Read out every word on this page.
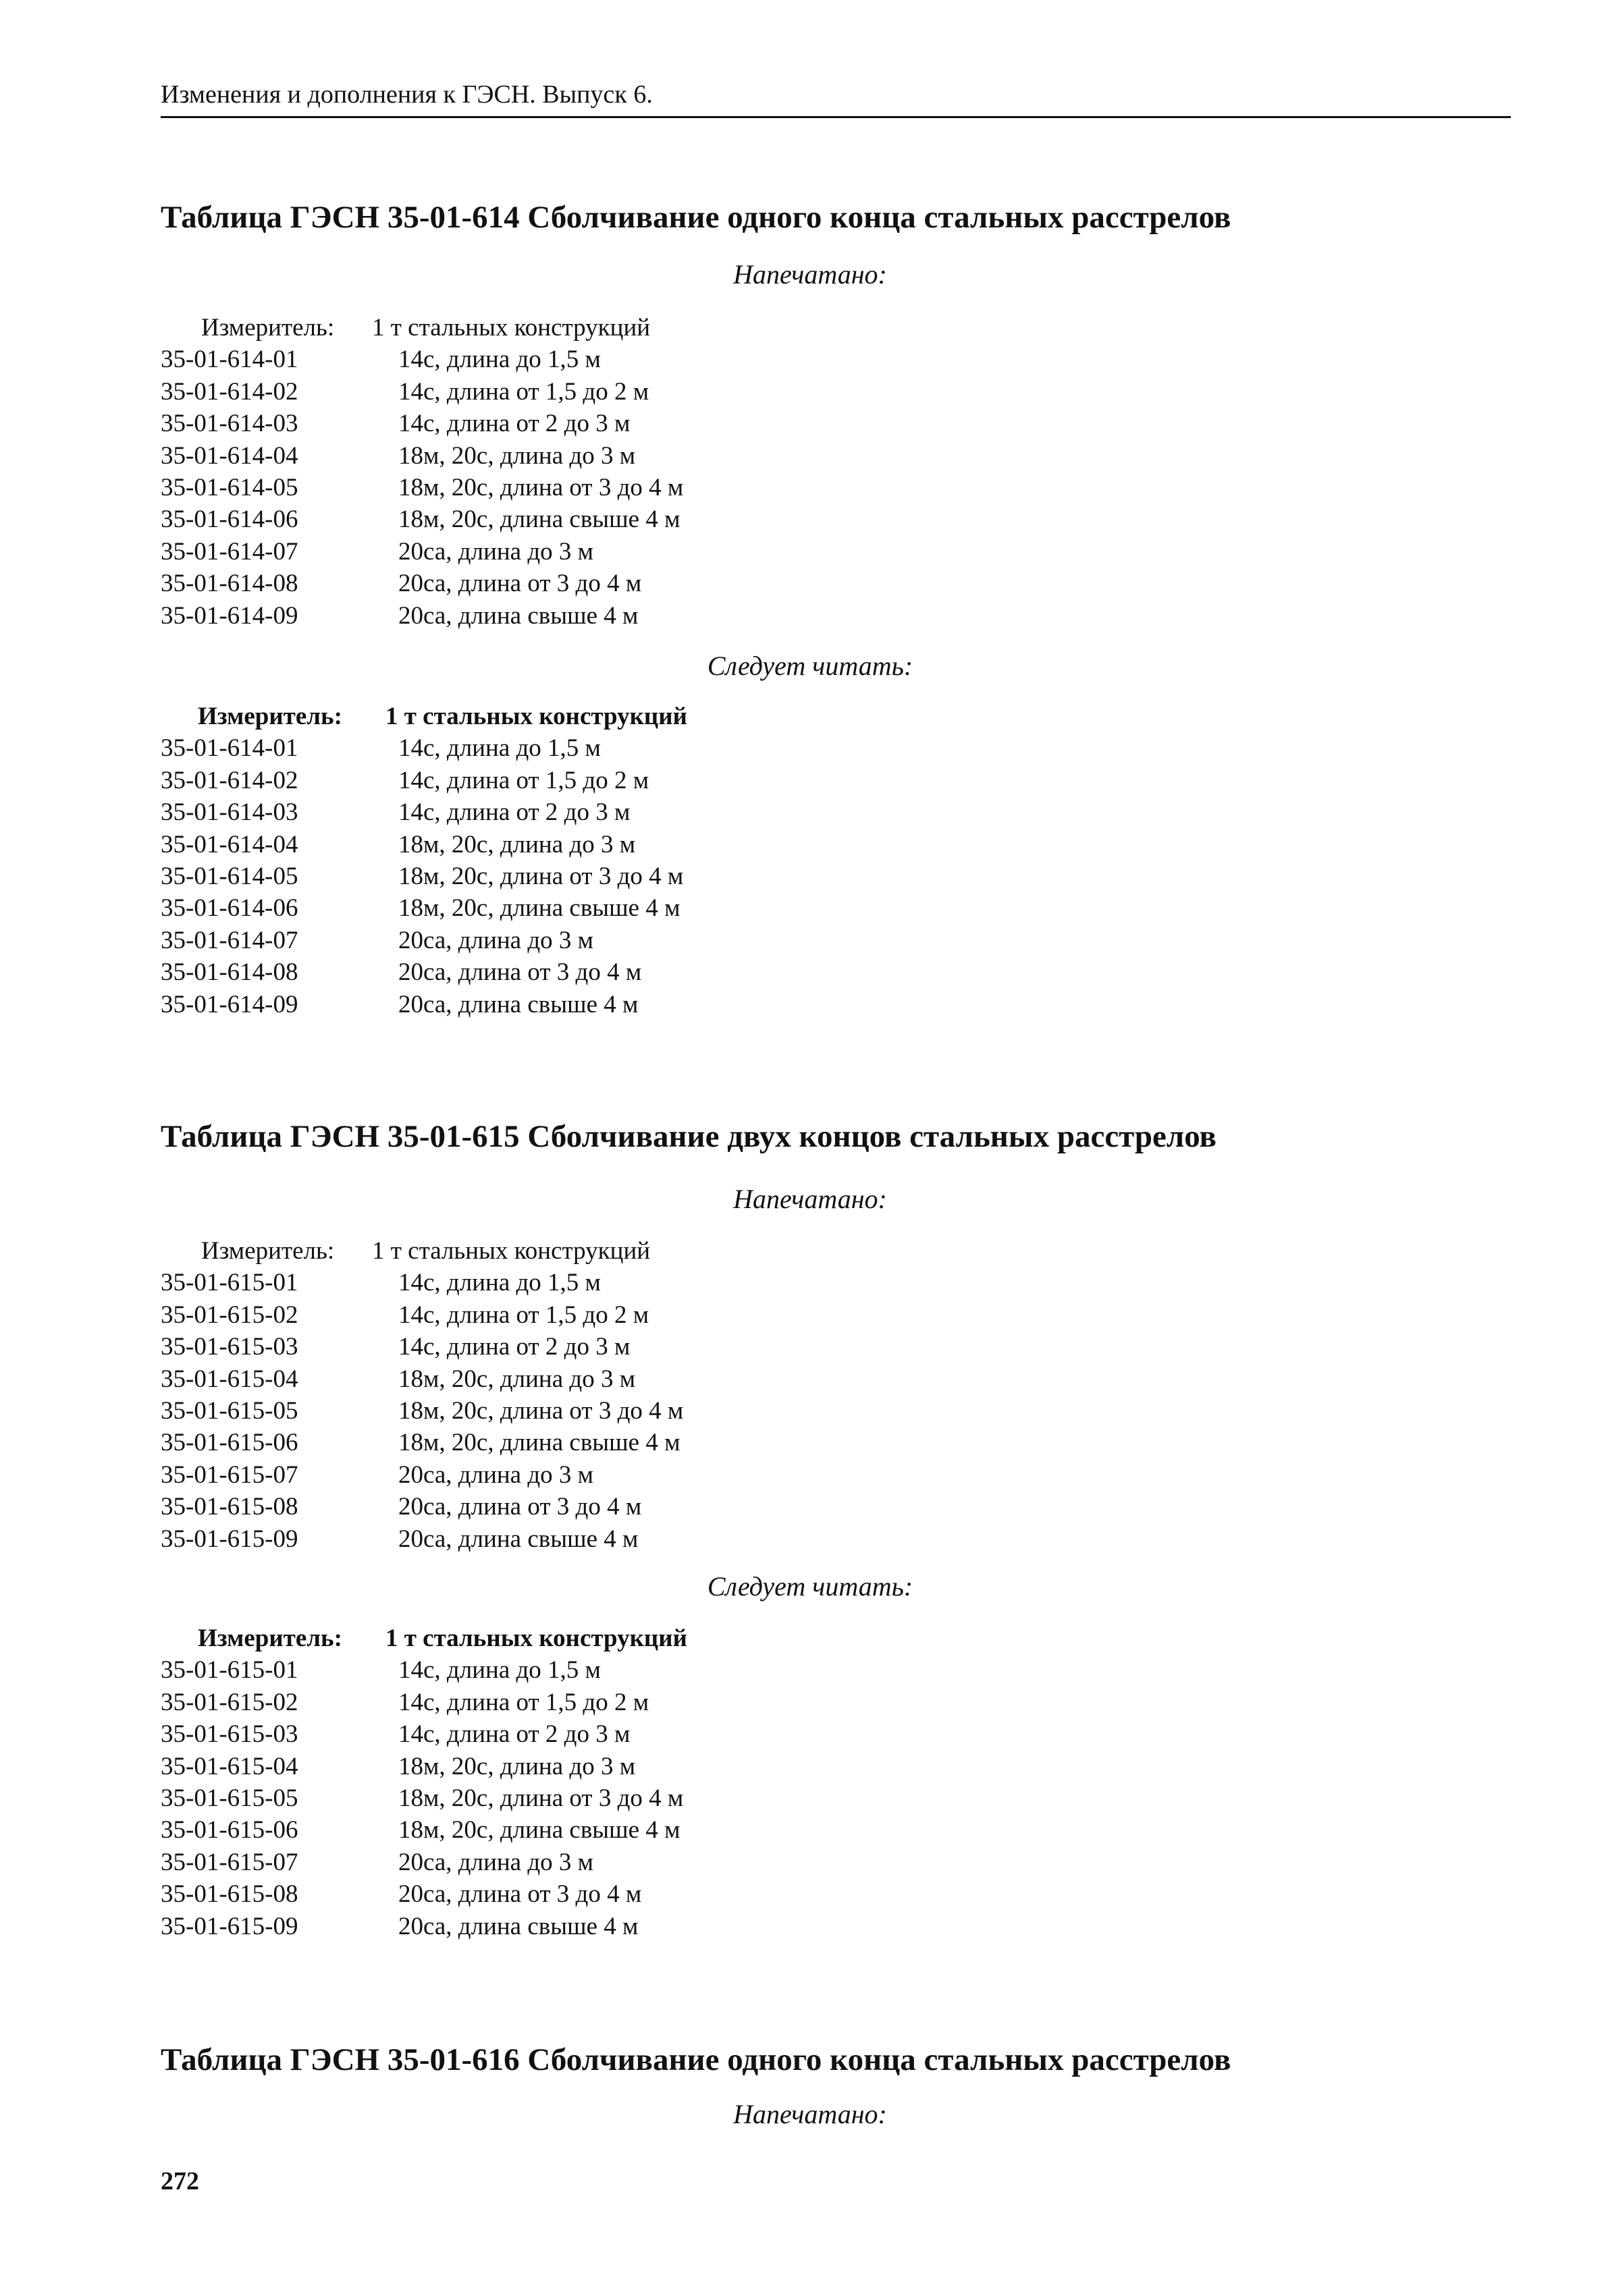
Изменения и дополнения к ГЭСН. Выпуск 6.
Таблица ГЭСН 35-01-614 Сболчивание одного конца стальных расстрелов
Напечатано:
Измеритель: 1 т стальных конструкций
35-01-614-01	14с, длина до 1,5 м
35-01-614-02	14с, длина от 1,5 до 2 м
35-01-614-03	14с, длина от 2 до 3 м
35-01-614-04	18м, 20с, длина до 3 м
35-01-614-05	18м, 20с, длина от 3 до 4 м
35-01-614-06	18м, 20с, длина свыше 4 м
35-01-614-07	20са, длина до 3 м
35-01-614-08	20са, длина от 3 до 4 м
35-01-614-09	20са, длина свыше 4 м
Следует читать:
Измеритель: 1 т стальных конструкций
35-01-614-01	14с, длина до 1,5 м
35-01-614-02	14с, длина от 1,5 до 2 м
35-01-614-03	14с, длина от 2 до 3 м
35-01-614-04	18м, 20с, длина до 3 м
35-01-614-05	18м, 20с, длина от 3 до 4 м
35-01-614-06	18м, 20с, длина свыше 4 м
35-01-614-07	20са, длина до 3 м
35-01-614-08	20са, длина от 3 до 4 м
35-01-614-09	20са, длина свыше 4 м
Таблица ГЭСН 35-01-615 Сболчивание двух концов стальных расстрелов
Напечатано:
Измеритель: 1 т стальных конструкций
35-01-615-01	14с, длина до 1,5 м
35-01-615-02	14с, длина от 1,5 до 2 м
35-01-615-03	14с, длина от 2 до 3 м
35-01-615-04	18м, 20с, длина до 3 м
35-01-615-05	18м, 20с, длина от 3 до 4 м
35-01-615-06	18м, 20с, длина свыше 4 м
35-01-615-07	20са, длина до 3 м
35-01-615-08	20са, длина от 3 до 4 м
35-01-615-09	20са, длина свыше 4 м
Следует читать:
Измеритель: 1 т стальных конструкций
35-01-615-01	14с, длина до 1,5 м
35-01-615-02	14с, длина от 1,5 до 2 м
35-01-615-03	14с, длина от 2 до 3 м
35-01-615-04	18м, 20с, длина до 3 м
35-01-615-05	18м, 20с, длина от 3 до 4 м
35-01-615-06	18м, 20с, длина свыше 4 м
35-01-615-07	20са, длина до 3 м
35-01-615-08	20са, длина от 3 до 4 м
35-01-615-09	20са, длина свыше 4 м
Таблица ГЭСН 35-01-616 Сболчивание одного конца стальных расстрелов
Напечатано:
272
